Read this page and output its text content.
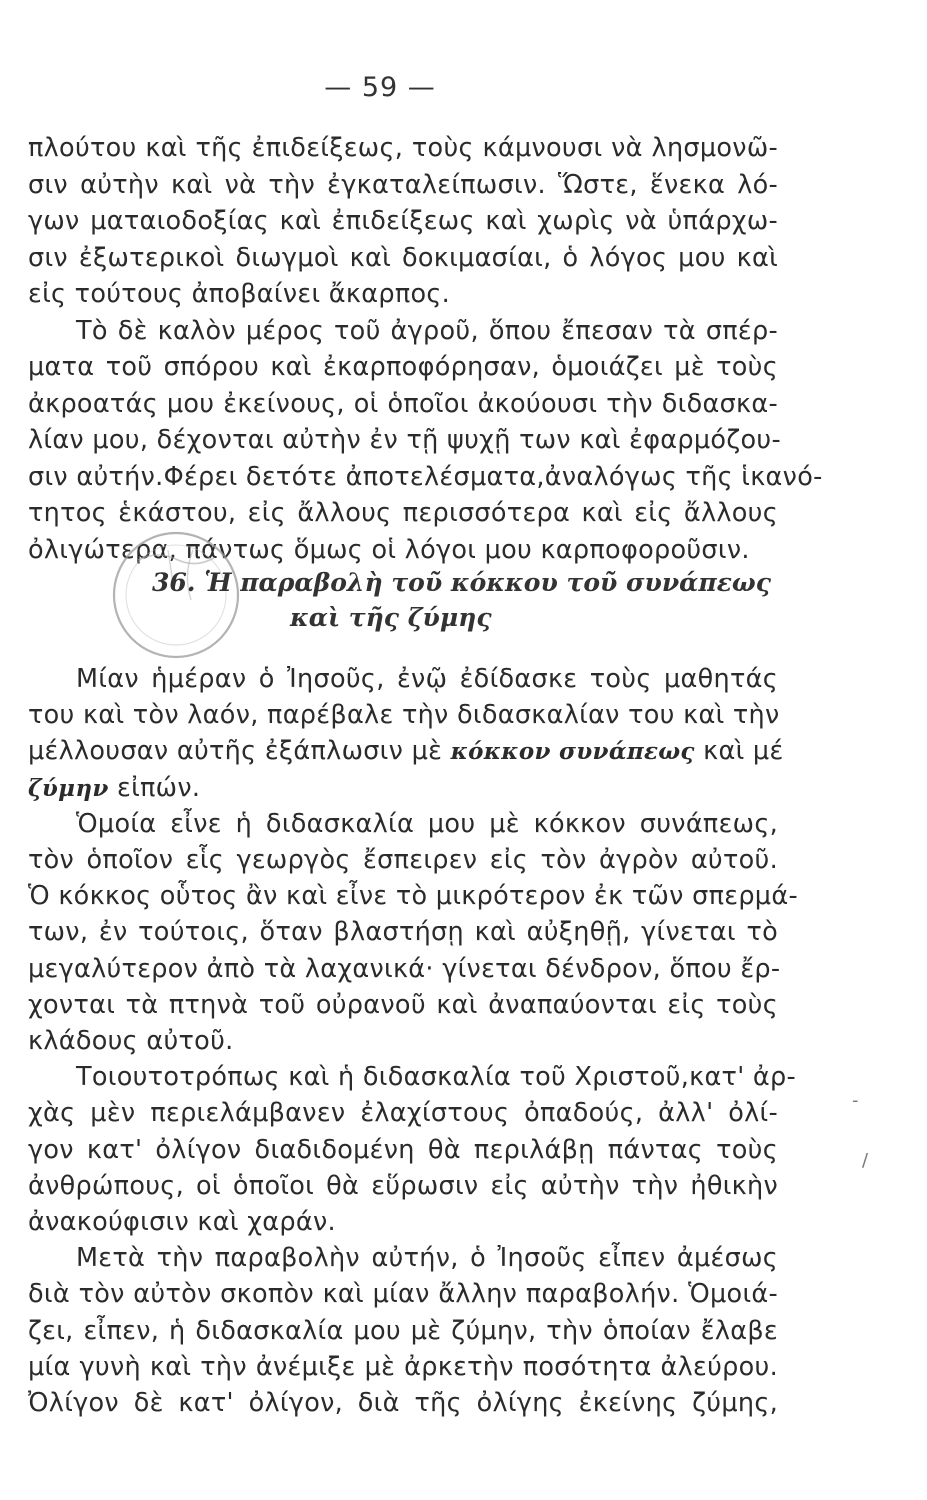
— 59 —
πλούτου καὶ τῆς ἐπιδείξεως, τοὺς κάμνουσι νὰ λησμονῶ-
σιν αὐτὴν καὶ νὰ τὴν ἐγκαταλείπωσιν. Ὥστε, ἕνεκα λό-
γων ματαιοδοξίας καὶ ἐπιδείξεως καὶ χωρὶς νὰ ὑπάρχω-
σιν ἐξωτερικοὶ διωγμοὶ καὶ δοκιμασίαι, ὁ λόγος μου καὶ
εἰς τούτους ἀποβαίνει ἄκαρπος.
Τὸ δὲ καλὸν μέρος τοῦ ἀγροῦ, ὅπου ἔπεσαν τὰ σπέρ-
ματα τοῦ σπόρου καὶ ἐκαρποφόρησαν, ὁμοιάζει μὲ τοὺς
ἀκροατάς μου ἐκείνους, οἱ ὁποῖοι ἀκούουσι τὴν διδασκα-
λίαν μου, δέχονται αὐτὴν ἐν τῇ ψυχῇ των καὶ ἐφαρμόζου-
σιν αὐτήν.Φέρει δετότε ἀποτελέσματα,ἀναλόγως τῆς ἱκανό-
τητος ἑκάστου, εἰς ἄλλους περισσότερα καὶ εἰς ἄλλους
ὀλιγώτερα, πάντως ὅμως οἱ λόγοι μου καρποφοροῦσιν.
36. Ἡ παραβολὴ τοῦ κόκκου τοῦ συνάπεως
καὶ τῆς ζύμης
Μίαν ἡμέραν ὁ Ἰησοῦς, ἐνῷ ἐδίδασκε τοὺς μαθητάς
του καὶ τὸν λαόν, παρέβαλε τὴν διδασκαλίαν του καὶ τὴν
μέλλουσαν αὐτῆς ἐξάπλωσιν μὲ κόκκον συνάπεως καὶ μέ
ζύμην εἰπών.
Ὁμοία εἶνε ἡ διδασκαλία μου μὲ κόκκον συνάπεως,
τὸν ὁποῖον εἷς γεωργὸς ἔσπειρεν εἰς τὸν ἀγρὸν αὐτοῦ.
Ὁ κόκκος οὗτος ἂν καὶ εἶνε τὸ μικρότερον ἐκ τῶν σπερμά-
των, ἐν τούτοις, ὅταν βλαστήσῃ καὶ αὐξηθῇ, γίνεται τὸ
μεγαλύτερον ἀπὸ τὰ λαχανικά· γίνεται δένδρον, ὅπου ἔρ-
χονται τὰ πτηνὰ τοῦ οὐρανοῦ καὶ ἀναπαύονται εἰς τοὺς
κλάδους αὐτοῦ.
Τοιουτοτρόπως καὶ ἡ διδασκαλία τοῦ Χριστοῦ,κατ' ἀρ-
χὰς μὲν περιελάμβανεν ἐλαχίστους ὀπαδούς, ἀλλ' ὀλί-
γον κατ' ὀλίγον διαδιδομένη θὰ περιλάβῃ πάντας τοὺς
ἀνθρώπους, οἱ ὁποῖοι θὰ εὕρωσιν εἰς αὐτὴν τὴν ἠθικὴν
ἀνακούφισιν καὶ χαράν.
Μετὰ τὴν παραβολὴν αὐτήν, ὁ Ἰησοῦς εἶπεν ἀμέσως
διὰ τὸν αὐτὸν σκοπὸν καὶ μίαν ἄλλην παραβολήν. Ὁμοιά-
ζει, εἶπεν, ἡ διδασκαλία μου μὲ ζύμην, τὴν ὁποίαν ἔλαβε
μία γυνὴ καὶ τὴν ἀνέμιξε μὲ ἀρκετὴν ποσότητα ἀλεύρου.
Ὀλίγον δὲ κατ' ὀλίγον, διὰ τῆς ὀλίγης ἐκείνης ζύμης,
-
/
